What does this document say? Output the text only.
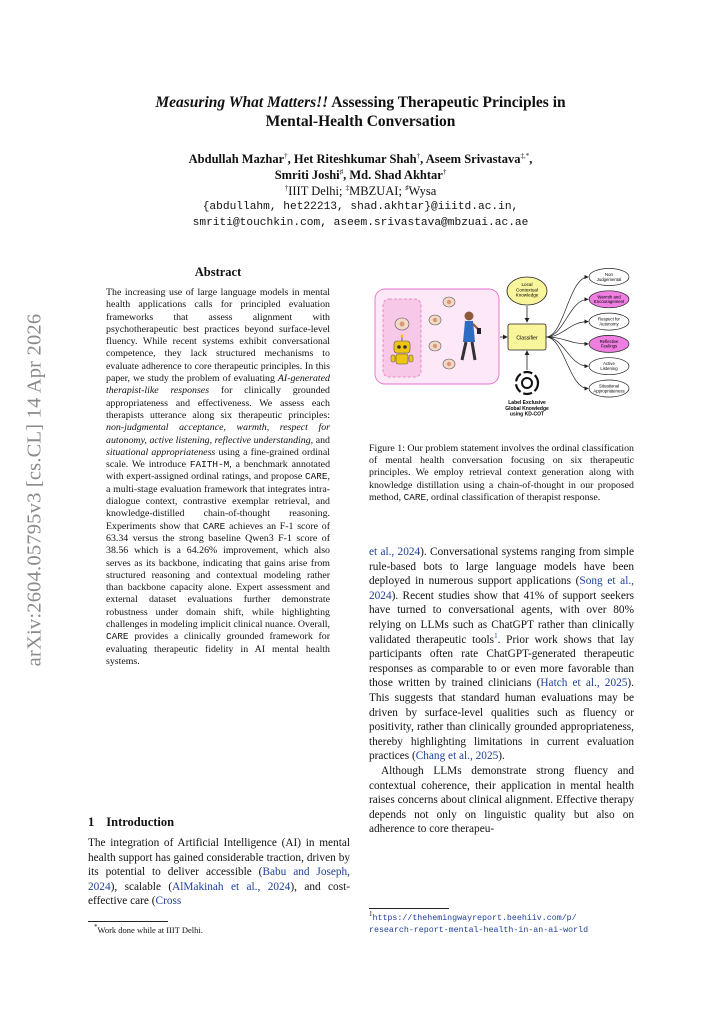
arXiv:2604.05795v3 [cs.CL] 14 Apr 2026
Measuring What Matters!! Assessing Therapeutic Principles in
Mental-Health Conversation
Abdullah Mazhar†, Het Riteshkumar Shah†, Aseem Srivastava‡,*,
Smriti Joshi♯, Md. Shad Akhtar†
†IIIT Delhi; ‡MBZUAI; ♯Wysa
{abdullahm, het22213, shad.akhtar}@iiitd.ac.in,
smriti@touchkin.com, aseem.srivastava@mbzuai.ac.ae
Abstract
The increasing use of large language models in mental health applications calls for principled evaluation frameworks that assess alignment with psychotherapeutic best practices beyond surface-level fluency. While recent systems exhibit conversational competence, they lack structured mechanisms to evaluate adherence to core therapeutic principles. In this paper, we study the problem of evaluating AI-generated therapist-like responses for clinically grounded appropriateness and effectiveness. We assess each therapists utterance along six therapeutic principles: non-judgmental acceptance, warmth, respect for autonomy, active listening, reflective understanding, and situational appropriateness using a fine-grained ordinal scale. We introduce FAITH-M, a benchmark annotated with expert-assigned ordinal ratings, and propose CARE, a multi-stage evaluation framework that integrates intra-dialogue context, contrastive exemplar retrieval, and knowledge-distilled chain-of-thought reasoning. Experiments show that CARE achieves an F-1 score of 63.34 versus the strong baseline Qwen3 F-1 score of 38.56 which is a 64.26% improvement, which also serves as its backbone, indicating that gains arise from structured reasoning and contextual modeling rather than backbone capacity alone. Expert assessment and external dataset evaluations further demonstrate robustness under domain shift, while highlighting challenges in modeling implicit clinical nuance. Overall, CARE provides a clinically grounded framework for evaluating therapeutic fidelity in AI mental health systems.
1 Introduction
The integration of Artificial Intelligence (AI) in mental health support has gained considerable traction, driven by its potential to deliver accessible (Babu and Joseph, 2024), scalable (AlMakinah et al., 2024), and cost-effective care (Cross
*Work done while at IIIT Delhi.
Local Contextual Knowledge
Classifier
Label Exclusive Global Knowledge using KD-COT
Non Judgemental
Warmth and Encouragement
Respect for Autonomy
Reflective Feelings
Active Listening
Situational Appropriateness
Figure 1: Our problem statement involves the ordinal classification of mental health conversation focusing on six therapeutic principles. We employ retrieval context generation along with knowledge distillation using a chain-of-thought in our proposed method, CARE, ordinal classification of therapist response.

et al., 2024). Conversational systems ranging from simple rule-based bots to large language models have been deployed in numerous support applications (Song et al., 2024). Recent studies show that 41% of support seekers have turned to conversational agents, with over 80% relying on LLMs such as ChatGPT rather than clinically validated therapeutic tools$^1$. Prior work shows that lay participants often rate ChatGPT-generated therapeutic responses as comparable to or even more favorable than those written by trained clinicians (Hatch et al., 2025). This suggests that standard human evaluations may be driven by surface-level qualities such as fluency or positivity, rather than clinically grounded appropriateness, thereby highlighting limitations in current evaluation practices (Chang et al., 2025).

Although LLMs demonstrate strong fluency and contextual coherence, their application in mental health raises concerns about clinical alignment. Effective therapy depends not only on linguistic quality but also on adherence to core therapeu-

$^1$https://thehemingwayreport.beehiiv.com/p/
research-report-mental-health-in-an-ai-world
